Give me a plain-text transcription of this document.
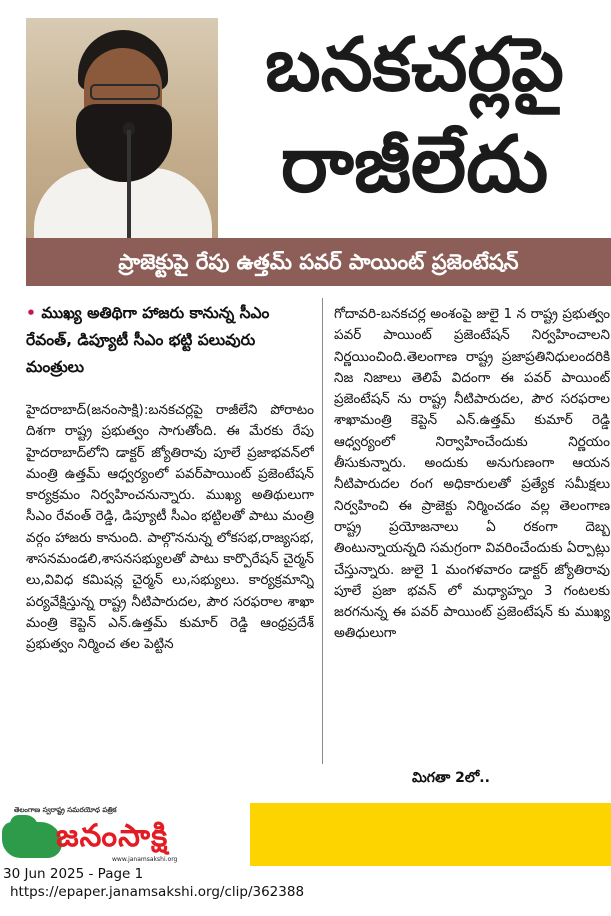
బనకచర్లపై
రాజీలేదు
ప్రాజెక్టుపై రేపు ఉత్తమ్ పవర్ పాయింట్ ప్రజెంటేషన్
• ముఖ్య అతిథిగా హాజరు కానున్న సీఎం రేవంత్, డిప్యూటీ సీఎం భట్టి పలువురు మంత్రులు
హైదరాబాద్(జనంసాక్షి):బనకచర్లపై రాజీలేని పోరాటం దిశగా రాష్ట్ర ప్రభుత్వం సాగుతోంది. ఈ మేరకు రేపు హైదరాబాద్‌లోని డాక్టర్ జ్యోతిరావు పూలే ప్రజాభవన్‌లో మంత్రి ఉత్తమ్ ఆధ్వర్యంలో పవర్‌పాయింట్ ప్రజెంటేషన్ కార్యక్రమం నిర్వహించనున్నారు. ముఖ్య అతిథులుగా సీఎం రేవంత్ రెడ్డి, డిప్యూటీ సీఎం భట్టిలతో పాటు మంత్రి వర్గం హాజరు కానుంది. పాల్గొననున్న లోకసభ,రాజ్యసభ, శాసనమండలి,శాసనసభ్యులతో పాటు కార్పొరేషన్ చైర్మన్ లు,వివిధ కమిషన్ల చైర్మన్ లు,సభ్యులు. కార్యక్రమాన్ని పర్యవేక్షిస్తున్న రాష్ట్ర నీటిపారుదల, పౌర సరఫరాల శాఖా మంత్రి కెప్టెన్ ఎన్.ఉత్తమ్ కుమార్ రెడ్డి ఆంధ్రప్రదేశ్ ప్రభుత్వం నిర్మించ తల పెట్టిన
గోదావరి-బనకచర్ల అంశంపై జులై 1 న రాష్ట్ర ప్రభుత్వం పవర్ పాయింట్ ప్రజెంటేషన్ నిర్వహించాలని నిర్ణయించింది.తెలంగాణ రాష్ట్ర ప్రజాప్రతినిధులందరికి నిజ నిజాలు తెలిపే విదంగా ఈ పవర్ పాయింట్ ప్రజెంటేషన్ ను రాష్ట్ర నీటిపారుదల, పౌర సరఫరాల శాఖామంత్రి కెప్టెన్ ఎన్.ఉత్తమ్ కుమార్ రెడ్డి ఆధ్వర్యంలో నిర్వాహించేందుకు నిర్ణయం తీసుకున్నారు. అందుకు అనుగుణంగా ఆయన నీటిపారుదల రంగ అధికారులతో ప్రత్యేక సమీక్షలు నిర్వహించి ఈ ప్రాజెక్టు నిర్మించడం వల్ల తెలంగాణ రాష్ట్ర ప్రయోజనాలు ఏ రకంగా దెబ్బ తింటున్నాయన్నది సమగ్రంగా వివరించేందుకు ఏర్పాట్లు చేస్తున్నారు. జులై 1 మంగళవారం డాక్టర్ జ్యోతిరావు పూలే ప్రజా భవన్ లో మధ్యాహ్నం 3 గంటలకు జరగనున్న ఈ పవర్ పాయింట్ ప్రజెంటేషన్ కు ముఖ్య అతిధులుగా
మిగతా 2లో..
తెలంగాణ స్వరాష్ట్ర సమరయోధ పత్రిక
జనంసాక్షి
www.janamsakshi.org
30 Jun 2025 - Page 1
https://epaper.janamsakshi.org/clip/362388
